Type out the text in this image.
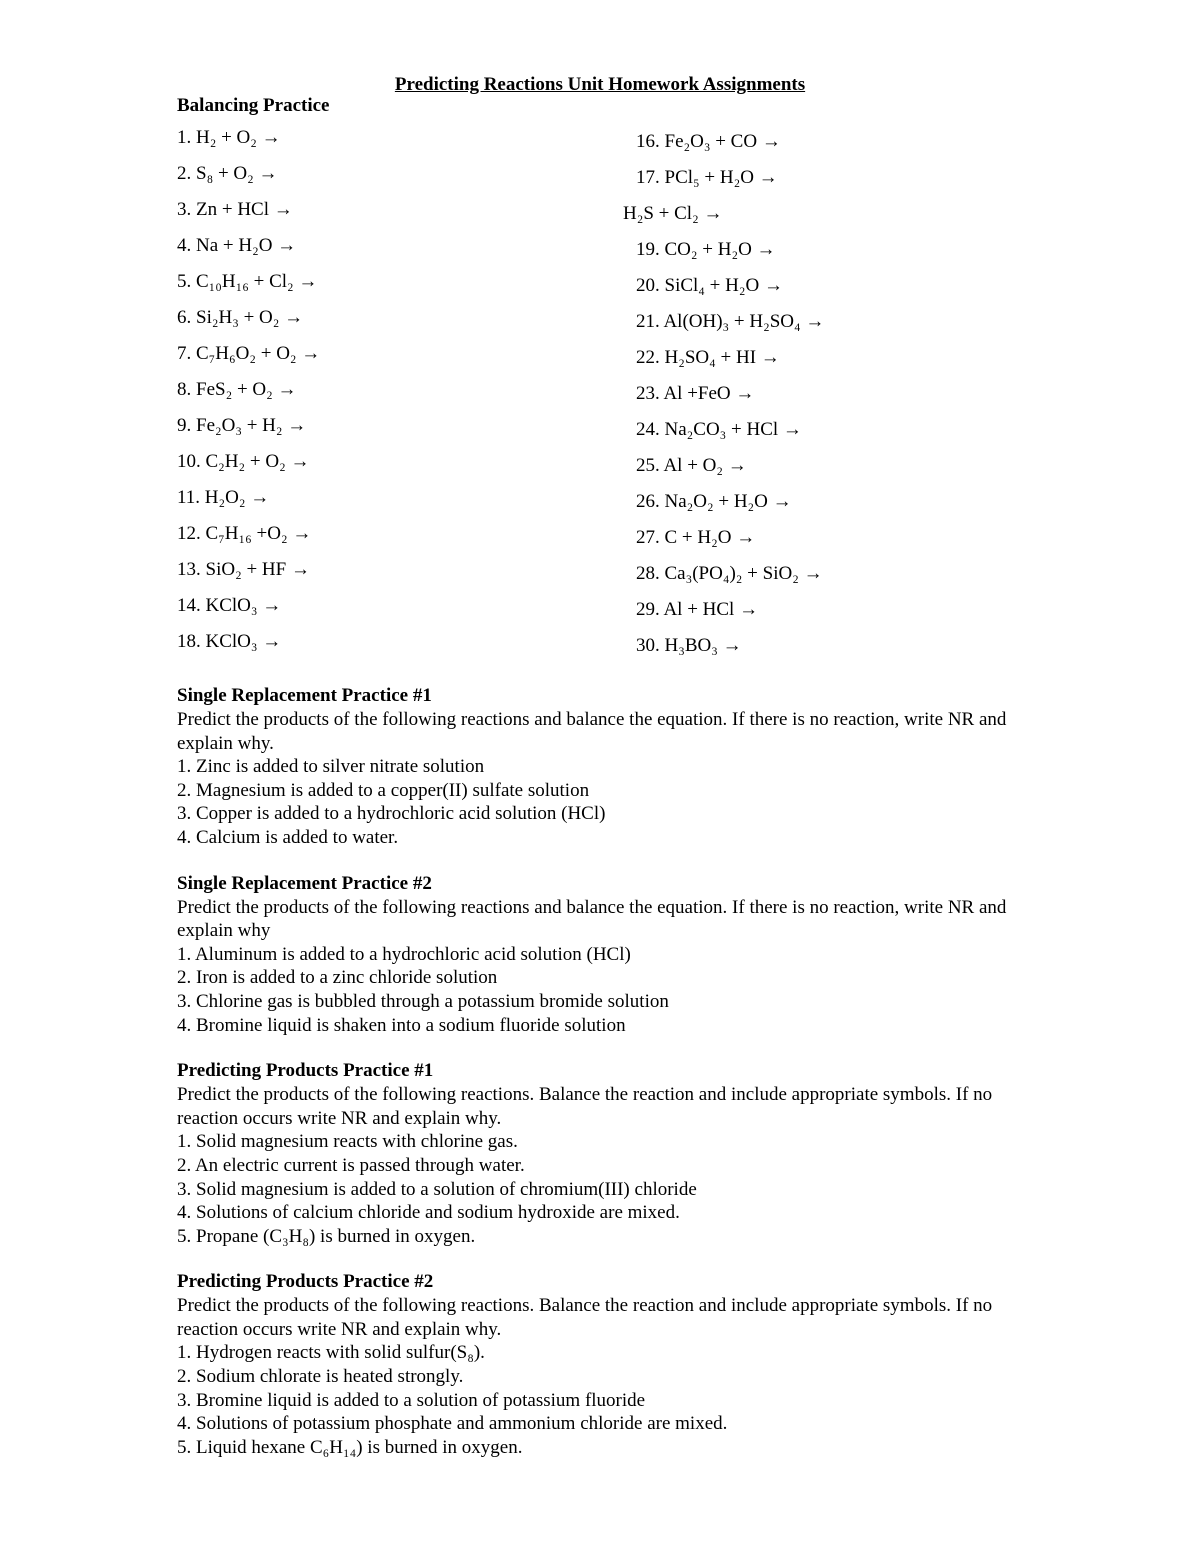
Predicting Reactions Unit Homework Assignments
Balancing Practice
1. H₂ + O₂ →
2. S₈ + O₂ →
3. Zn + HCl →
4. Na + H₂O →
5. C₁₀H₁₆ + Cl₂ →
6. Si₂H₃ + O₂ →
7. C₇H₆O₂ + O₂ →
8. FeS₂ + O₂ →
9. Fe₂O₃ + H₂ →
10. C₂H₂ + O₂ →
11. H₂O₂ →
12. C₇H₁₆ +O₂ →
13. SiO₂ + HF →
14. KClO₃ →
18. KClO₃ →
16. Fe₂O₃ + CO →
17. PCl₅ + H₂O →
H₂S + Cl₂ →
19. CO₂ + H₂O →
20. SiCl₄ + H₂O →
21. Al(OH)₃ + H₂SO₄ →
22. H₂SO₄ + HI →
23. Al +FeO →
24. Na₂CO₃ + HCl →
25. Al + O₂ →
26. Na₂O₂ + H₂O →
27. C + H₂O →
28. Ca₃(PO₄)₂ + SiO₂ →
29. Al + HCl →
30. H₃BO₃ →
Single Replacement Practice #1

Predict the products of the following reactions and balance the equation. If there is no reaction, write NR and explain why.

1. Zinc is added to silver nitrate solution
2. Magnesium is added to a copper(II) sulfate solution
3. Copper is added to a hydrochloric acid solution (HCl)
4. Calcium is added to water.
Single Replacement Practice #2

Predict the products of the following reactions and balance the equation. If there is no reaction, write NR and explain why

1. Aluminum is added to a hydrochloric acid solution (HCl)
2. Iron is added to a zinc chloride solution
3. Chlorine gas is bubbled through a potassium bromide solution
4. Bromine liquid is shaken into a sodium fluoride solution
Predicting Products Practice #1

Predict the products of the following reactions. Balance the reaction and include appropriate symbols. If no reaction occurs write NR and explain why.

1. Solid magnesium reacts with chlorine gas.
2. An electric current is passed through water.
3. Solid magnesium is added to a solution of chromium(III) chloride
4. Solutions of calcium chloride and sodium hydroxide are mixed.
5. Propane (C₃H₈) is burned in oxygen.
Predicting Products Practice #2

Predict the products of the following reactions. Balance the reaction and include appropriate symbols. If no reaction occurs write NR and explain why.

1. Hydrogen reacts with solid sulfur(S₈).
2. Sodium chlorate is heated strongly.
3. Bromine liquid is added to a solution of potassium fluoride
4. Solutions of potassium phosphate and ammonium chloride are mixed.
5. Liquid hexane C₆H₁₄) is burned in oxygen.
